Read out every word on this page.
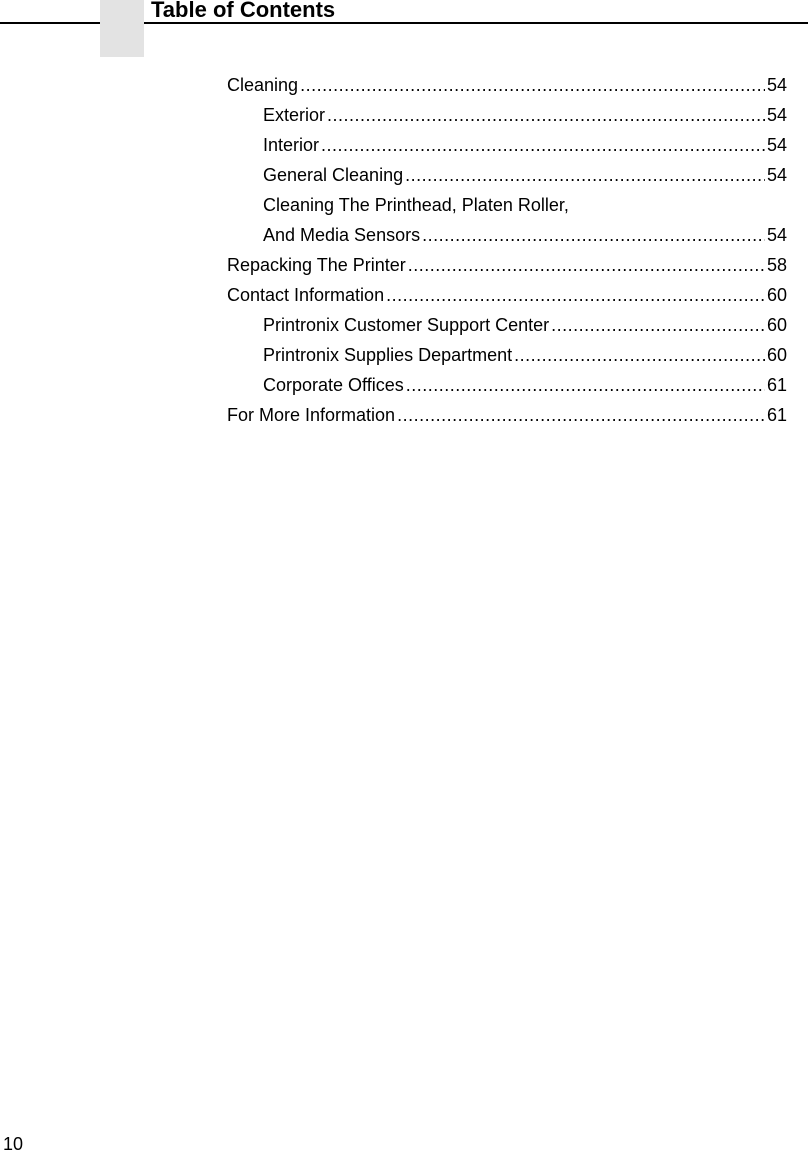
Table of Contents
Cleaning .....	54
Exterior .....	54
Interior .....	54
General Cleaning .....	54
Cleaning The Printhead, Platen Roller,
And Media Sensors .....	54
Repacking The Printer .....	58
Contact Information .....	60
Printronix Customer Support Center .....	60
Printronix Supplies Department .....	60
Corporate Offices .....	61
For More Information .....	61
10
